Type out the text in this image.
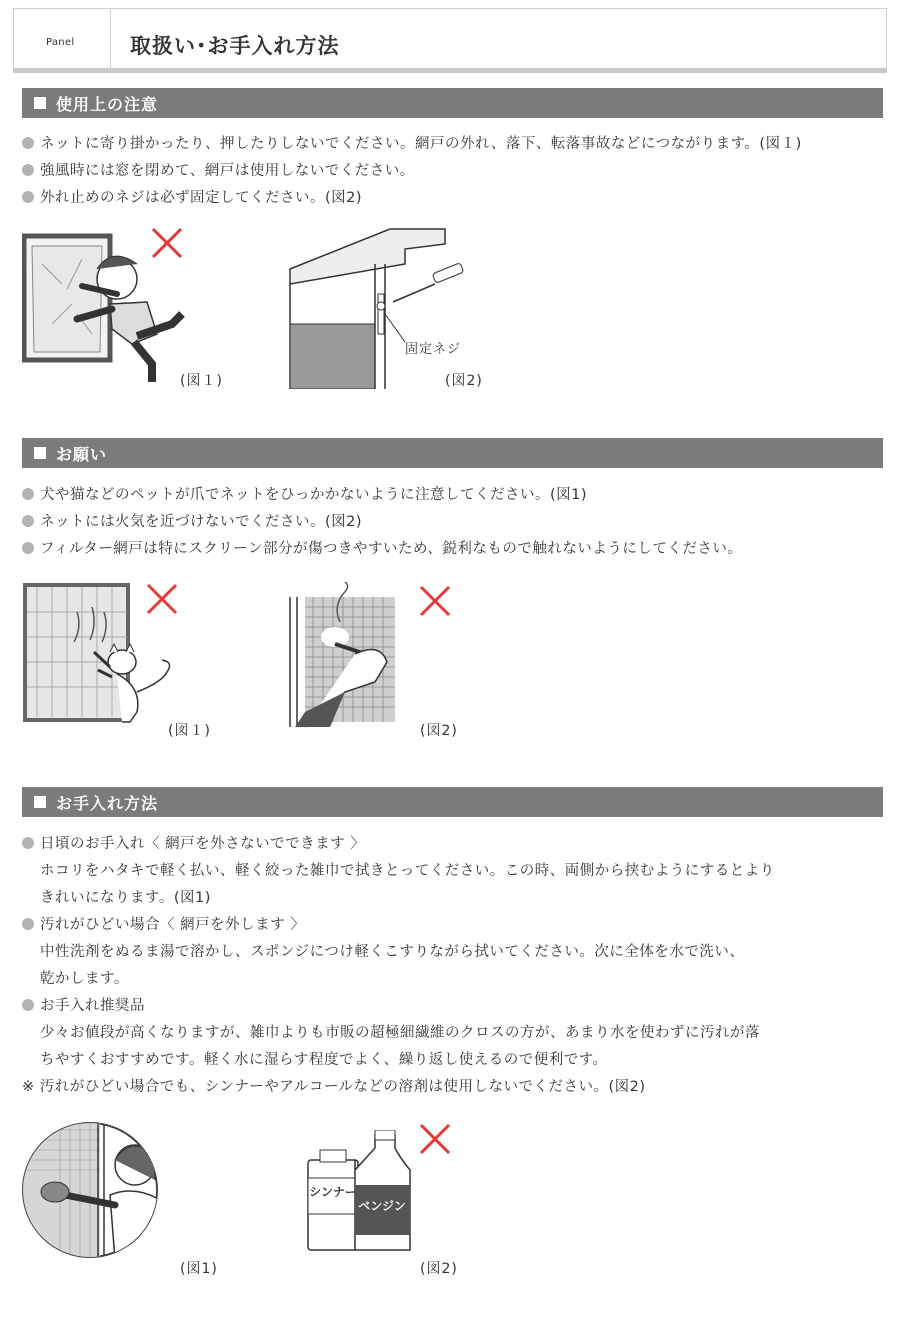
Panel	取扱い･お手入れ方法
使用上の注意
ネットに寄り掛かったり、押したりしないでください。網戸の外れ、落下、転落事故などにつながります。(図１)
強風時には窓を閉めて、網戸は使用しないでください。
外れ止めのネジは必ず固定してください。(図2)
(図１)
固定ネジ
(図2)
お願い
犬や猫などのペットが爪でネットをひっかかないように注意してください。(図1)
ネットには火気を近づけないでください。(図2)
フィルター網戸は特にスクリーン部分が傷つきやすいため、鋭利なもので触れないようにしてください。
(図１)	(図2)
お手入れ方法
日頃のお手入れ〈 網戸を外さないでできます 〉
ホコリをハタキで軽く払い、軽く絞った雑巾で拭きとってください。この時、両側から挟むようにするとより
きれいになります。(図1)
汚れがひどい場合〈 網戸を外します 〉
中性洗剤をぬるま湯で溶かし、スポンジにつけ軽くこすりながら拭いてください。次に全体を水で洗い、
乾かします。
お手入れ推奨品
少々お値段が高くなりますが、雑巾よりも市販の超極細繊維のクロスの方が、あまり水を使わずに汚れが落
ちやすくおすすめです。軽く水に湿らす程度でよく、繰り返し使えるので便利です。
※ 汚れがひどい場合でも、シンナーやアルコールなどの溶剤は使用しないでください。(図2)
(図1)
シンナー
ベンジン
(図2)
